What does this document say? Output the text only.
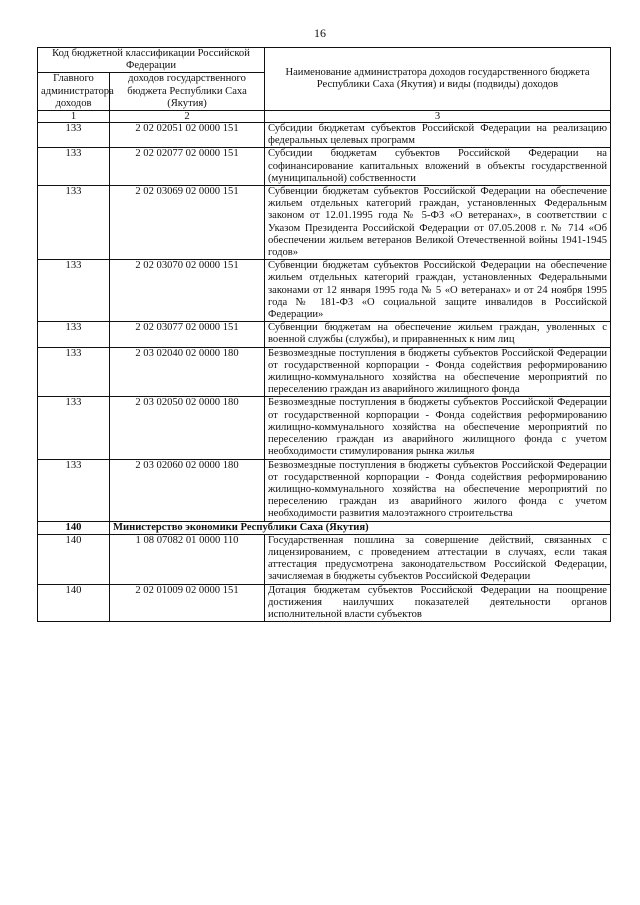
16
Код бюджетной классификации Российской Федерации		Наименование администратора доходов государственного бюджета Республики Саха (Якутия) и виды (подвиды) доходов
Главного администратора доходов	доходов государственного бюджета Республики Саха (Якутия)	
1	2	3
133	2 02 02051 02 0000 151	Субсидии бюджетам субъектов Российской Федерации на реализацию федеральных целевых программ
133	2 02 02077 02 0000 151	Субсидии бюджетам субъектов Российской Федерации на софинансирование капитальных вложений в объекты государственной (муниципальной) собственности
133	2 02 03069 02 0000 151	Субвенции бюджетам субъектов Российской Федерации на обеспечение жильем отдельных категорий граждан, установленных Федеральным законом от 12.01.1995 года № 5-ФЗ «О ветеранах», в соответствии с Указом Президента Российской Федерации от 07.05.2008 г. № 714 «Об обеспечении жильем ветеранов Великой Отечественной войны 1941-1945 годов»
133	2 02 03070 02 0000 151	Субвенции бюджетам субъектов Российской Федерации на обеспечение жильем отдельных категорий граждан, установленных Федеральными законами от 12 января 1995 года № 5 «О ветеранах» и от 24 ноября 1995 года № 181-ФЗ «О социальной защите инвалидов в Российской Федерации»
133	2 02 03077 02 0000 151	Субвенции бюджетам на обеспечение жильем граждан, уволенных с военной службы (службы), и приравненных к ним лиц
133	2 03 02040 02 0000 180	Безвозмездные поступления в бюджеты субъектов Российской Федерации от государственной корпорации - Фонда содействия реформированию жилищно-коммунального хозяйства на обеспечение мероприятий по переселению граждан из аварийного жилищного фонда
133	2 03 02050 02 0000 180	Безвозмездные поступления в бюджеты субъектов Российской Федерации от государственной корпорации - Фонда содействия реформированию жилищно-коммунального хозяйства на обеспечение мероприятий по переселению граждан из аварийного жилищного фонда с учетом необходимости стимулирования рынка жилья
133	2 03 02060 02 0000 180	Безвозмездные поступления в бюджеты субъектов Российской Федерации от государственной корпорации - Фонда содействия реформированию жилищно-коммунального хозяйства на обеспечение мероприятий по переселению граждан из аварийного жилого фонда с учетом необходимости развития малоэтажного строительства
140	Министерство экономики Республики Саха (Якутия)	
140	1 08 07082 01 0000 110	Государственная пошлина за совершение действий, связанных с лицензированием, с проведением аттестации в случаях, если такая аттестация предусмотрена законодательством Российской Федерации, зачисляемая в бюджеты субъектов Российской Федерации
140	2 02 01009 02 0000 151	Дотация бюджетам субъектов Российской Федерации на поощрение достижения наилучших показателей деятельности органов исполнительной власти субъектов
